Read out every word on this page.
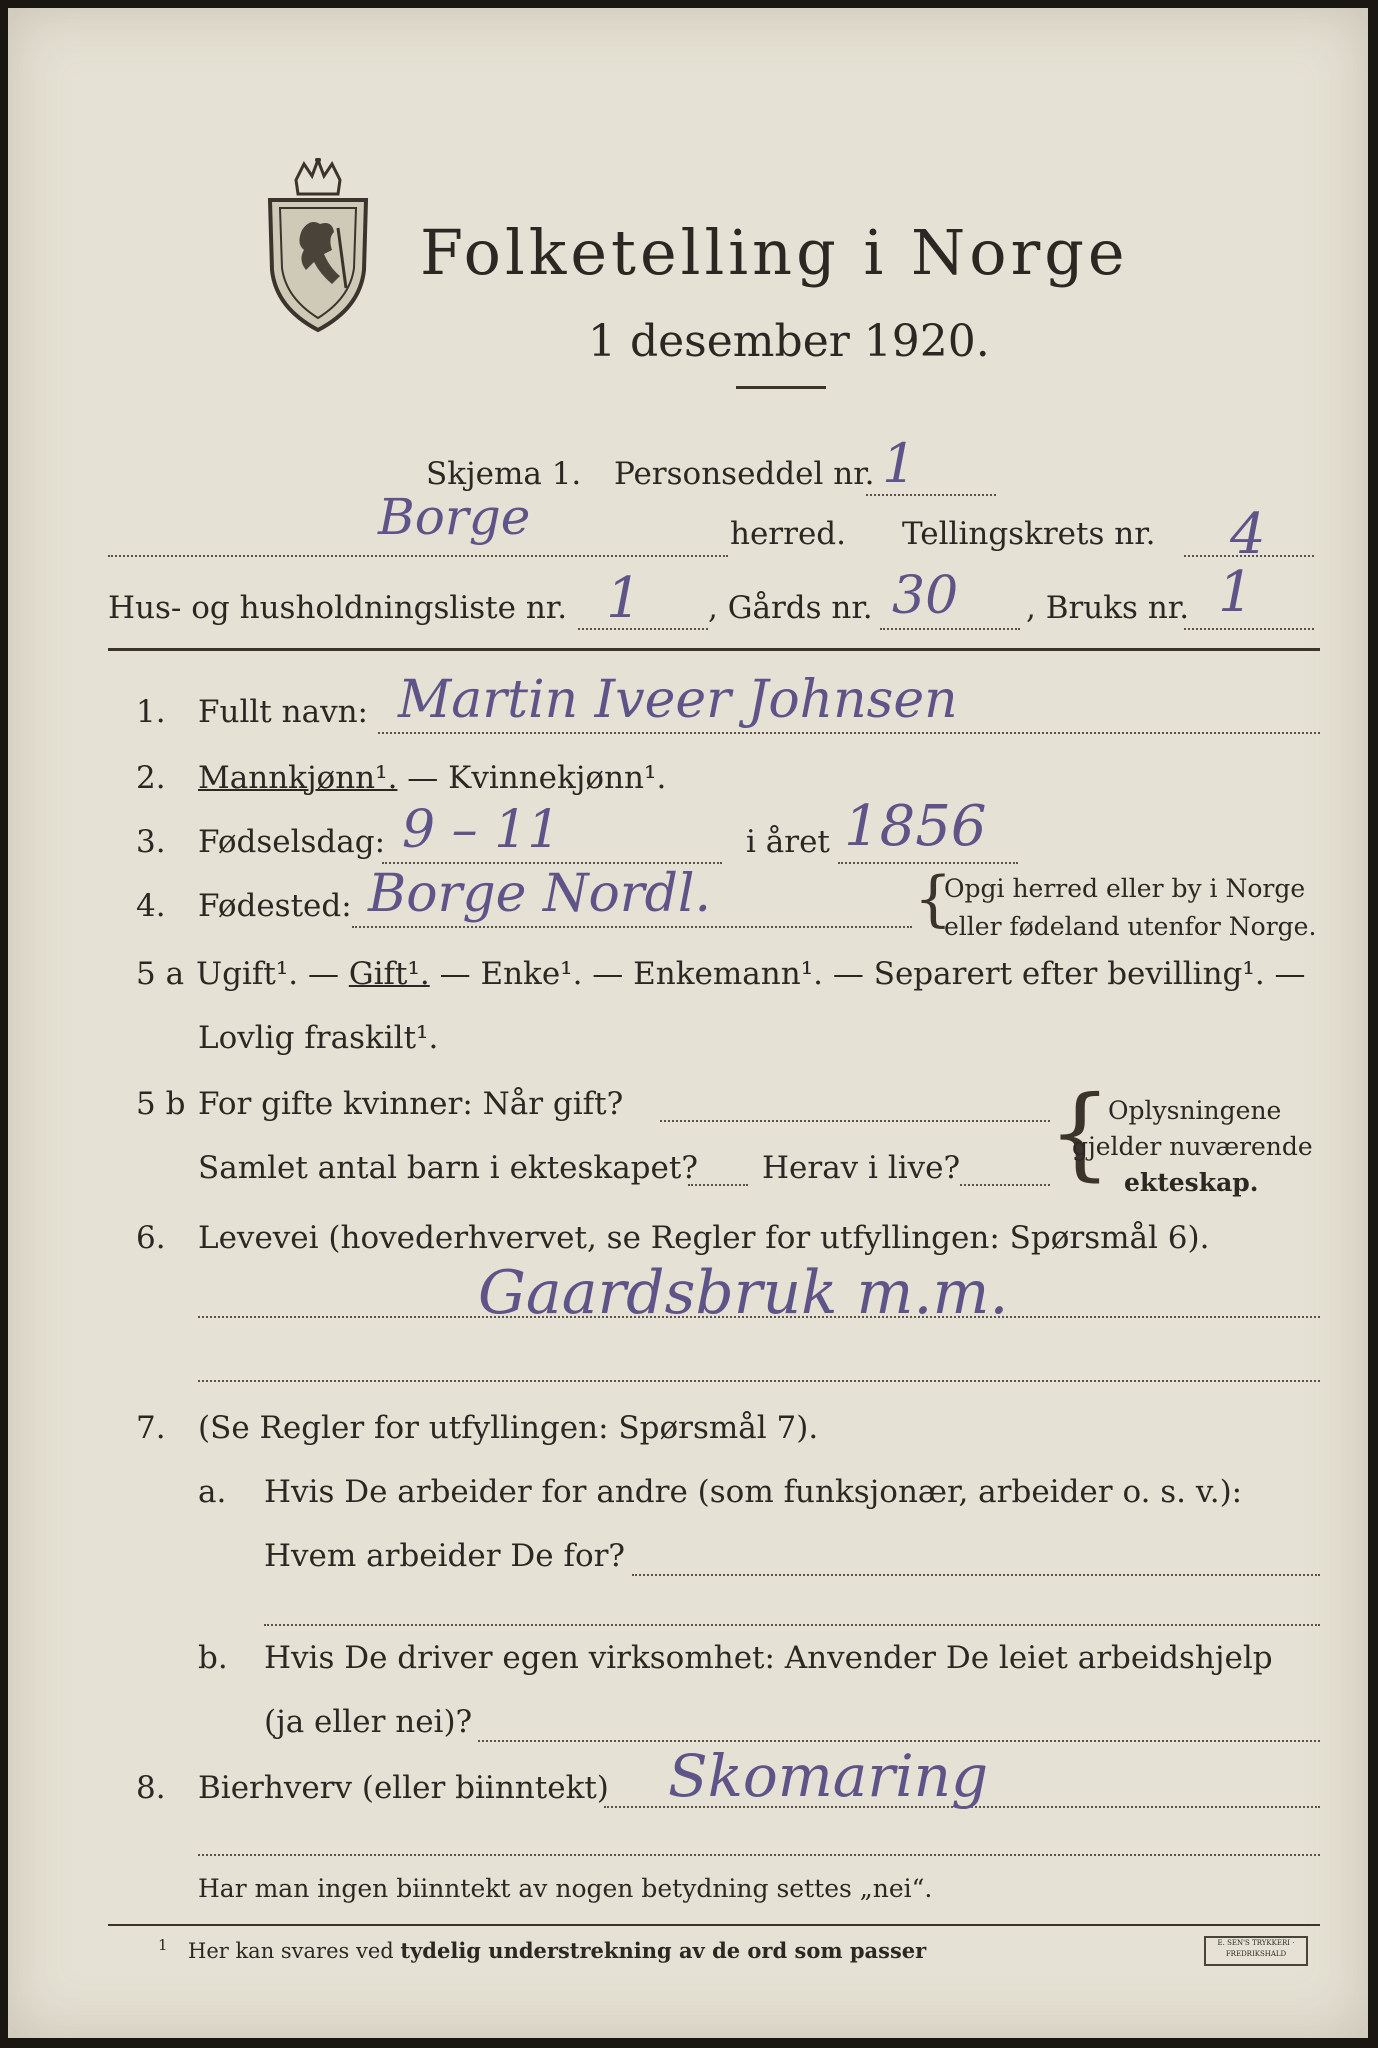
Folketelling i Norge
1 desember 1920.
Skjema 1. Personseddel nr. 1
Borge	herred. Tellingskrets nr. 4
Hus- og husholdningsliste nr. 1 , Gårds nr. 30 , Bruks nr. 1
1. Fullt navn: Martin Iveer Johnsen
2. Mannkjønn¹. — Kvinnekjønn¹.
3. Fødselsdag: 9 – 11	i året 1856
4. Fødested: Borge Nordl.	{
Opgi herred eller by i Norge
eller fødeland utenfor Norge.
5 a Ugift¹. — Gift¹. — Enke¹. — Enkemann¹. — Separert efter bevilling¹. —
Lovlig fraskilt¹.
5 b For gifte kvinner: Når gift?
Samlet antal barn i ekteskapet? Herav i live? {
Oplysningene
gjelder nuværende
ekteskap.
6. Levevei (hovederhvervet, se Regler for utfyllingen: Spørsmål 6).
Gaardsbruk m.m.
7. (Se Regler for utfyllingen: Spørsmål 7).
a. Hvis De arbeider for andre (som funksjonær, arbeider o. s. v.):
Hvem arbeider De for?
b. Hvis De driver egen virksomhet: Anvender De leiet arbeidshjelp
(ja eller nei)?
8. Bierhverv (eller biinntekt) Skomaring
Har man ingen biinntekt av nogen betydning settes „nei“.
1 Her kan svares ved tydelig understrekning av de ord som passer	E. SEN'S TRYKKERI · FREDRIKSHALD
